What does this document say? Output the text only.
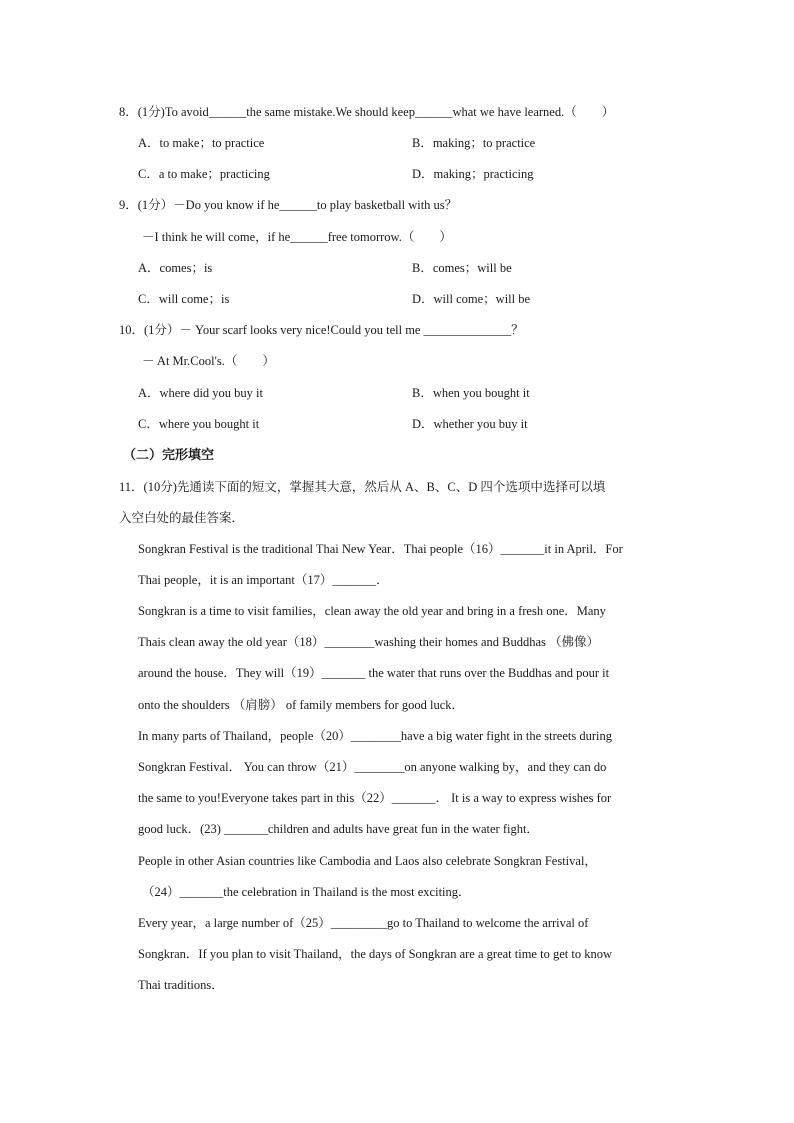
8．(1分)To avoid______the same mistake.We should keep______what we have learned.（　　）
A．to make；to practice	B．making；to practice
C．a to make；practicing	D．making；practicing
9．(1分）－Do you know if he______to play basketball with us？
－I think he will come，if he______free tomorrow.（　　）
A．comes；is	B．comes；will be
C．will come；is	D．will come；will be
10．(1分）－ Your scarf looks very nice!Could you tell me ______________？
－ At Mr.Cool's.（　　）
A．where did you buy it	B．when you bought it
C．where you bought it	D．whether you buy it
（二）完形填空
11．(10分)先通读下面的短文，掌握其大意，然后从 A、B、C、D 四个选项中选择可以填
入空白处的最佳答案．
Songkran Festival is the traditional Thai New Year．Thai people（16）_______it in April．For
Thai people，it is an important（17）_______．
Songkran is a time to visit families，clean away the old year and bring in a fresh one．Many
Thais clean away the old year（18）________washing their homes and Buddhas （佛像）
around the house．They will（19）_______ the water that runs over the Buddhas and pour it
onto the shoulders （肩膀） of family members for good luck．
In many parts of Thailand，people（20）________have a big water fight in the streets during
Songkran Festival． You can throw（21）________on anyone walking by，and they can do
the same to you!Everyone takes part in this（22）_______． It is a way to express wishes for
good luck．(23) _______children and adults have great fun in the water fight．
People in other Asian countries like Cambodia and Laos also celebrate Songkran Festival，
（24）_______the celebration in Thailand is the most exciting．
Every year，a large number of（25）_________go to Thailand to welcome the arrival of
Songkran．If you plan to visit Thailand，the days of Songkran are a great time to get to know
Thai traditions．
